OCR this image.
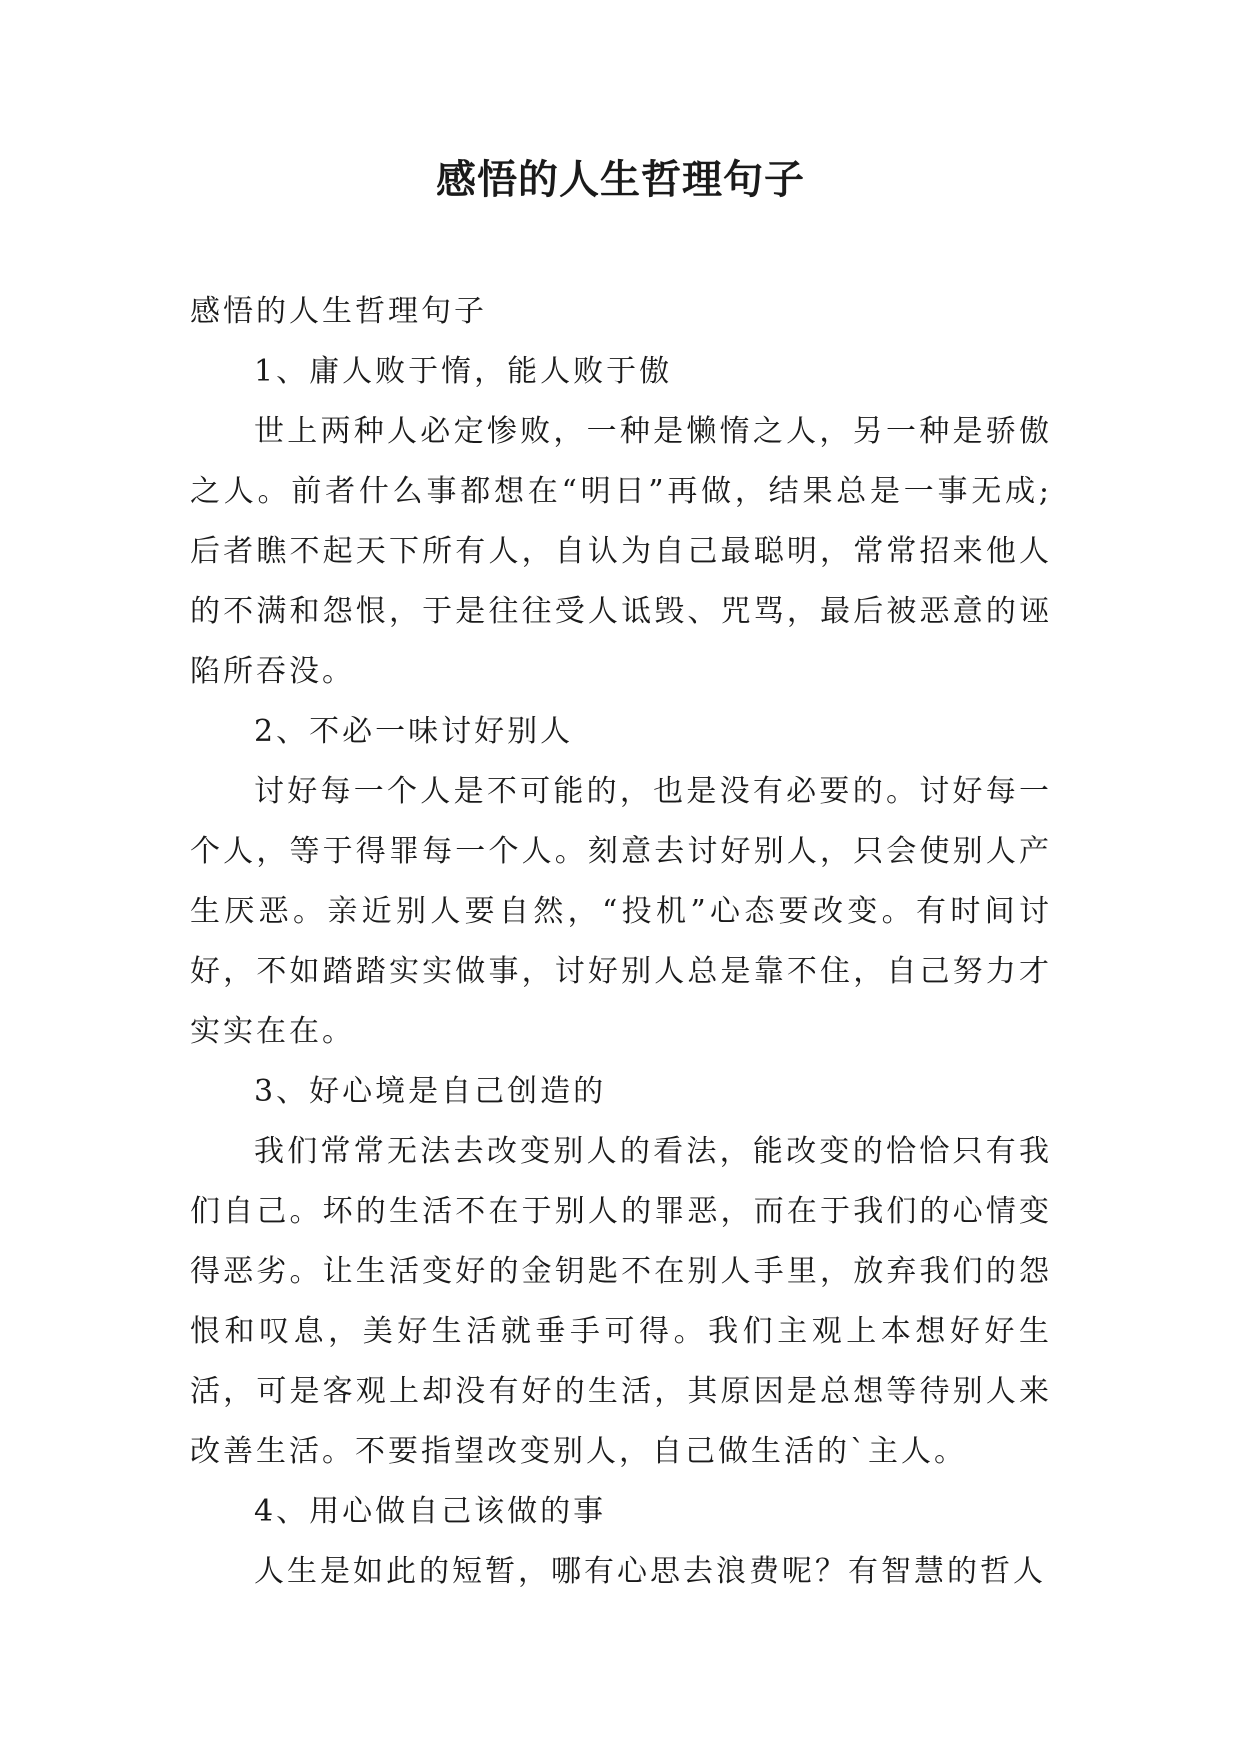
感悟的人生哲理句子

感悟的人生哲理句子

1、庸人败于惰，能人败于傲

世上两种人必定惨败，一种是懒惰之人，另一种是骄傲之人。前者什么事都想在“明日”再做，结果总是一事无成;后者瞧不起天下所有人，自认为自己最聪明，常常招来他人的不满和怨恨，于是往往受人诋毁、咒骂，最后被恶意的诬陷所吞没。

2、不必一味讨好别人

讨好每一个人是不可能的，也是没有必要的。讨好每一个人，等于得罪每一个人。刻意去讨好别人，只会使别人产生厌恶。亲近别人要自然，“投机”心态要改变。有时间讨好，不如踏踏实实做事，讨好别人总是靠不住，自己努力才实实在在。

3、好心境是自己创造的

我们常常无法去改变别人的看法，能改变的恰恰只有我们自己。坏的生活不在于别人的罪恶，而在于我们的心情变得恶劣。让生活变好的金钥匙不在别人手里，放弃我们的怨恨和叹息，美好生活就垂手可得。我们主观上本想好好生活，可是客观上却没有好的生活，其原因是总想等待别人来改善生活。不要指望改变别人，自己做生活的`主人。

4、用心做自己该做的事

人生是如此的短暂，哪有心思去浪费呢？有智慧的哲人
